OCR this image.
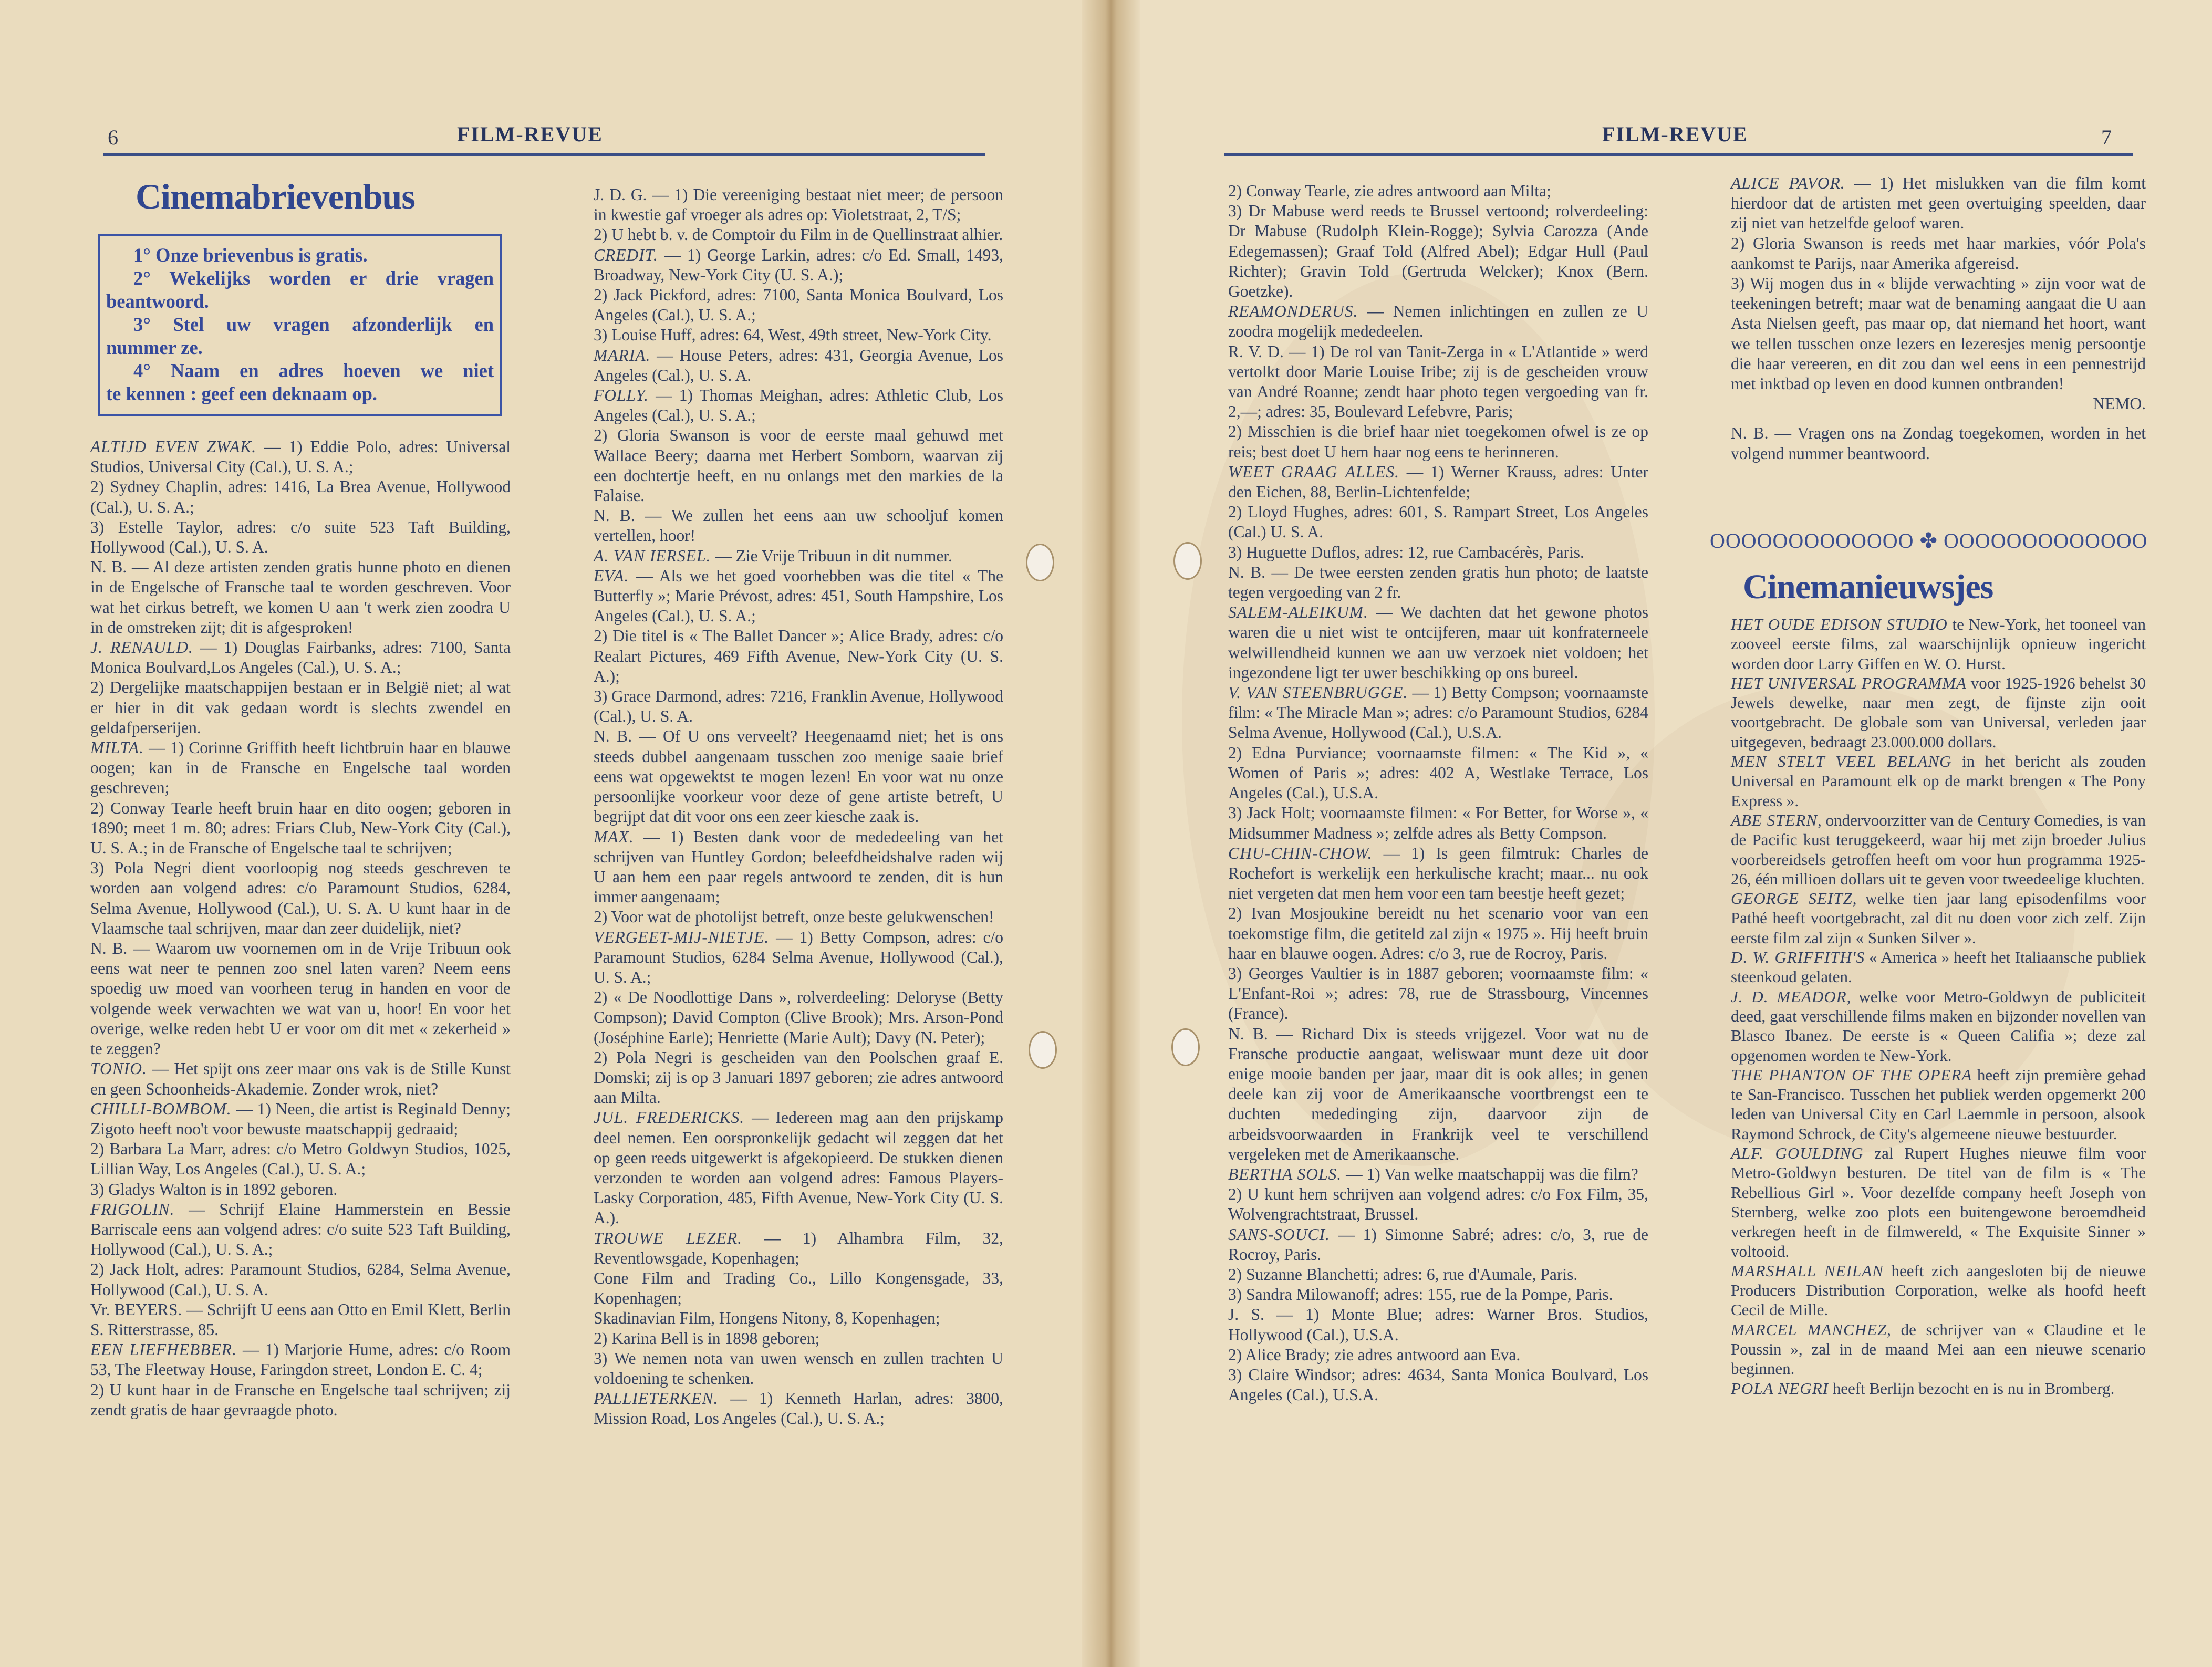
6	FILM-REVUE	FILM-REVUE	7
Cinemabrievenbus
1° Onze brievenbus is gratis.
2° Wekelijks worden er drie vragen
beantwoord.
3° Stel uw vragen afzonderlijk en
nummer ze.
4° Naam en adres hoeven we niet
te kennen : geef een deknaam op.

ALTIJD EVEN ZWAK. — 1) Eddie Polo, adres: Universal Studios, Universal City (Cal.), U. S. A.;

2) Sydney Chaplin, adres: 1416, La Brea Avenue, Hollywood (Cal.), U. S. A.;

3) Estelle Taylor, adres: c/o suite 523 Taft Building, Hollywood (Cal.), U. S. A.

N. B. — Al deze artisten zenden gratis hunne photo en dienen in de Engelsche of Fransche taal te worden geschreven. Voor wat het cirkus betreft, we komen U aan 't werk zien zoodra U in de omstreken zijt; dit is afgesproken!

J. RENAULD. — 1) Douglas Fairbanks, adres: 7100, Santa Monica Boulvard,Los Angeles (Cal.), U. S. A.;

2) Dergelijke maatschappijen bestaan er in België niet; al wat er hier in dit vak gedaan wordt is slechts zwendel en geldafperserijen.

MILTA. — 1) Corinne Griffith heeft lichtbruin haar en blauwe oogen; kan in de Fransche en Engelsche taal worden geschreven;

2) Conway Tearle heeft bruin haar en dito oogen; geboren in 1890; meet 1 m. 80; adres: Friars Club, New-York City (Cal.), U. S. A.; in de Fransche of Engelsche taal te schrijven;

3) Pola Negri dient voorloopig nog steeds geschreven te worden aan volgend adres: c/o Paramount Studios, 6284, Selma Avenue, Hollywood (Cal.), U. S. A. U kunt haar in de Vlaamsche taal schrijven, maar dan zeer duidelijk, niet?

N. B. — Waarom uw voornemen om in de Vrije Tribuun ook eens wat neer te pennen zoo snel laten varen? Neem eens spoedig uw moed van voorheen terug in handen en voor de volgende week verwachten we wat van u, hoor! En voor het overige, welke reden hebt U er voor om dit met « zekerheid » te zeggen?

TONIO. — Het spijt ons zeer maar ons vak is de Stille Kunst en geen Schoonheids-Akademie. Zonder wrok, niet?

CHILLI-BOMBOM. — 1) Neen, die artist is Reginald Denny; Zigoto heeft noo't voor bewuste maatschappij gedraaid;

2) Barbara La Marr, adres: c/o Metro Goldwyn Studios, 1025, Lillian Way, Los Angeles (Cal.), U. S. A.;

3) Gladys Walton is in 1892 geboren.

FRIGOLIN. — Schrijf Elaine Hammerstein en Bessie Barriscale eens aan volgend adres: c/o suite 523 Taft Building, Hollywood (Cal.), U. S. A.;

2) Jack Holt, adres: Paramount Studios, 6284, Selma Avenue, Hollywood (Cal.), U. S. A.

Vr. BEYERS. — Schrijft U eens aan Otto en Emil Klett, Berlin S. Ritterstrasse, 85.

EEN LIEFHEBBER. — 1) Marjorie Hume, adres: c/o Room 53, The Fleetway House, Faringdon street, London E. C. 4;

2) U kunt haar in de Fransche en Engelsche taal schrijven; zij zendt gratis de haar gevraagde photo.

J. D. G. — 1) Die vereeniging bestaat niet meer; de persoon in kwestie gaf vroeger als adres op: Violetstraat, 2, T/S;

2) U hebt b. v. de Comptoir du Film in de Quellinstraat alhier.

CREDIT. — 1) George Larkin, adres: c/o Ed. Small, 1493, Broadway, New-York City (U. S. A.);

2) Jack Pickford, adres: 7100, Santa Monica Boulvard, Los Angeles (Cal.), U. S. A.;

3) Louise Huff, adres: 64, West, 49th street, New-York City.

MARIA. — House Peters, adres: 431, Georgia Avenue, Los Angeles (Cal.), U. S. A.

FOLLY. — 1) Thomas Meighan, adres: Athletic Club, Los Angeles (Cal.), U. S. A.;

2) Gloria Swanson is voor de eerste maal gehuwd met Wallace Beery; daarna met Herbert Somborn, waarvan zij een dochtertje heeft, en nu onlangs met den markies de la Falaise.

N. B. — We zullen het eens aan uw schooljuf komen vertellen, hoor!

A. VAN IERSEL. — Zie Vrije Tribuun in dit nummer.

EVA. — Als we het goed voorhebben was die titel « The Butterfly »; Marie Prévost, adres: 451, South Hampshire, Los Angeles (Cal.), U. S. A.;

2) Die titel is « The Ballet Dancer »; Alice Brady, adres: c/o Realart Pictures, 469 Fifth Avenue, New-York City (U. S. A.);

3) Grace Darmond, adres: 7216, Franklin Avenue, Hollywood (Cal.), U. S. A.

N. B. — Of U ons verveelt? Heegenaamd niet; het is ons steeds dubbel aangenaam tusschen zoo menige saaie brief eens wat opgewektst te mogen lezen! En voor wat nu onze persoonlijke voorkeur voor deze of gene artiste betreft, U begrijpt dat dit voor ons een zeer kiesche zaak is.

MAX. — 1) Besten dank voor de mededeeling van het schrijven van Huntley Gordon; beleefdheidshalve raden wij U aan hem een paar regels antwoord te zenden, dit is hun immer aangenaam;

2) Voor wat de photolijst betreft, onze beste gelukwenschen!

VERGEET-MIJ-NIETJE. — 1) Betty Compson, adres: c/o Paramount Studios, 6284 Selma Avenue, Hollywood (Cal.), U. S. A.;

2) « De Noodlottige Dans », rolverdeeling: Deloryse (Betty Compson); David Compton (Clive Brook); Mrs. Arson-Pond (Joséphine Earle); Henriette (Marie Ault); Davy (N. Peter);

2) Pola Negri is gescheiden van den Poolschen graaf E. Domski; zij is op 3 Januari 1897 geboren; zie adres antwoord aan Milta.

JUL. FREDERICKS. — Iedereen mag aan den prijskamp deel nemen. Een oorspronkelijk gedacht wil zeggen dat het op geen reeds uitgewerkt is afgekopieerd. De stukken dienen verzonden te worden aan volgend adres: Famous Players-Lasky Corporation, 485, Fifth Avenue, New-York City (U. S. A.).

TROUWE LEZER. — 1) Alhambra Film, 32, Reventlowsgade, Kopenhagen;

Cone Film and Trading Co., Lillo Kongensgade, 33, Kopenhagen;

Skadinavian Film, Hongens Nitony, 8, Kopenhagen;

2) Karina Bell is in 1898 geboren;

3) We nemen nota van uwen wensch en zullen trachten U voldoening te schenken.

PALLIETERKEN. — 1) Kenneth Harlan, adres: 3800, Mission Road, Los Angeles (Cal.), U. S. A.;

2) Conway Tearle, zie adres antwoord aan Milta;

3) Dr Mabuse werd reeds te Brussel vertoond; rolverdeeling: Dr Mabuse (Rudolph Klein-Rogge); Sylvia Carozza (Ande Edegemassen); Graaf Told (Alfred Abel); Edgar Hull (Paul Richter); Gravin Told (Gertruda Welcker); Knox (Bern. Goetzke).

REAMONDERUS. — Nemen inlichtingen en zullen ze U zoodra mogelijk mededeelen.

R. V. D. — 1) De rol van Tanit-Zerga in « L'Atlantide » werd vertolkt door Marie Louise Iribe; zij is de gescheiden vrouw van André Roanne; zendt haar photo tegen vergoeding van fr. 2,—; adres: 35, Boulevard Lefebvre, Paris;

2) Misschien is die brief haar niet toegekomen ofwel is ze op reis; best doet U hem haar nog eens te herinneren.

WEET GRAAG ALLES. — 1) Werner Krauss, adres: Unter den Eichen, 88, Berlin-Lichtenfelde;

2) Lloyd Hughes, adres: 601, S. Rampart Street, Los Angeles (Cal.) U. S. A.

3) Huguette Duflos, adres: 12, rue Cambacérès, Paris.

N. B. — De twee eersten zenden gratis hun photo; de laatste tegen vergoeding van 2 fr.

SALEM-ALEIKUM. — We dachten dat het gewone photos waren die u niet wist te ontcijferen, maar uit konfraterneele welwillendheid kunnen we aan uw verzoek niet voldoen; het ingezondene ligt ter uwer beschikking op ons bureel.

V. VAN STEENBRUGGE. — 1) Betty Compson; voornaamste film: « The Miracle Man »; adres: c/o Paramount Studios, 6284 Selma Avenue, Hollywood (Cal.), U.S.A.

2) Edna Purviance; voornaamste filmen: « The Kid », « Women of Paris »; adres: 402 A, Westlake Terrace, Los Angeles (Cal.), U.S.A.

3) Jack Holt; voornaamste filmen: « For Better, for Worse », « Midsummer Madness »; zelfde adres als Betty Compson.

CHU-CHIN-CHOW. — 1) Is geen filmtruk: Charles de Rochefort is werkelijk een herkulische kracht; maar... nu ook niet vergeten dat men hem voor een tam beestje heeft gezet;

2) Ivan Mosjoukine bereidt nu het scenario voor van een toekomstige film, die getiteld zal zijn « 1975 ». Hij heeft bruin haar en blauwe oogen. Adres: c/o 3, rue de Rocroy, Paris.

3) Georges Vaultier is in 1887 geboren; voornaamste film: « L'Enfant-Roi »; adres: 78, rue de Strassbourg, Vincennes (France).

N. B. — Richard Dix is steeds vrijgezel. Voor wat nu de Fransche productie aangaat, weliswaar munt deze uit door enige mooie banden per jaar, maar dit is ook alles; in genen deele kan zij voor de Amerikaansche voortbrengst een te duchten mededinging zijn, daarvoor zijn de arbeidsvoorwaarden in Frankrijk veel te verschillend vergeleken met de Amerikaansche.

BERTHA SOLS. — 1) Van welke maatschappij was die film?

2) U kunt hem schrijven aan volgend adres: c/o Fox Film, 35, Wolvengrachtstraat, Brussel.

SANS-SOUCI. — 1) Simonne Sabré; adres: c/o, 3, rue de Rocroy, Paris.

2) Suzanne Blanchetti; adres: 6, rue d'Aumale, Paris.

3) Sandra Milowanoff; adres: 155, rue de la Pompe, Paris.

J. S. — 1) Monte Blue; adres: Warner Bros. Studios, Hollywood (Cal.), U.S.A.

2) Alice Brady; zie adres antwoord aan Eva.

3) Claire Windsor; adres: 4634, Santa Monica Boulvard, Los Angeles (Cal.), U.S.A.

ALICE PAVOR. — 1) Het mislukken van die film komt hierdoor dat de artisten met geen overtuiging speelden, daar zij niet van hetzelfde geloof waren.

2) Gloria Swanson is reeds met haar markies, vóór Pola's aankomst te Parijs, naar Amerika afgereisd.

3) Wij mogen dus in « blijde verwachting » zijn voor wat de teekeningen betreft; maar wat de benaming aangaat die U aan Asta Nielsen geeft, pas maar op, dat niemand het hoort, want we tellen tusschen onze lezers en lezeresjes menig persoontje die haar vereeren, en dit zou dan wel eens in een pennestrijd met inktbad op leven en dood kunnen ontbranden!

NEMO.

N. B. — Vragen ons na Zondag toegekomen, worden in het volgend nummer beantwoord.

OOOOOOOOOOOOO ✤ OOOOOOOOOOOOO
Cinemanieuwsjes

HET OUDE EDISON STUDIO te New-York, het tooneel van zooveel eerste films, zal waarschijnlijk opnieuw ingericht worden door Larry Giffen en W. O. Hurst.

HET UNIVERSAL PROGRAMMA voor 1925-1926 behelst 30 Jewels dewelke, naar men zegt, de fijnste zijn ooit voortgebracht. De globale som van Universal, verleden jaar uitgegeven, bedraagt 23.000.000 dollars.

MEN STELT VEEL BELANG in het bericht als zouden Universal en Paramount elk op de markt brengen « The Pony Express ».

ABE STERN, ondervoorzitter van de Century Comedies, is van de Pacific kust teruggekeerd, waar hij met zijn broeder Julius voorbereidsels getroffen heeft om voor hun programma 1925-26, één millioen dollars uit te geven voor tweedeelige kluchten.

GEORGE SEITZ, welke tien jaar lang episodenfilms voor Pathé heeft voortgebracht, zal dit nu doen voor zich zelf. Zijn eerste film zal zijn « Sunken Silver ».

D. W. GRIFFITH'S « America » heeft het Italiaansche publiek steenkoud gelaten.

J. D. MEADOR, welke voor Metro-Goldwyn de publiciteit deed, gaat verschillende films maken en bijzonder novellen van Blasco Ibanez. De eerste is « Queen Califia »; deze zal opgenomen worden te New-York.

THE PHANTON OF THE OPERA heeft zijn première gehad te San-Francisco. Tusschen het publiek werden opgemerkt 200 leden van Universal City en Carl Laemmle in persoon, alsook Raymond Schrock, de City's algemeene nieuwe bestuurder.

ALF. GOULDING zal Rupert Hughes nieuwe film voor Metro-Goldwyn besturen. De titel van de film is « The Rebellious Girl ». Voor dezelfde company heeft Joseph von Sternberg, welke zoo plots een buitengewone beroemdheid verkregen heeft in de filmwereld, « The Exquisite Sinner » voltooid.

MARSHALL NEILAN heeft zich aangesloten bij de nieuwe Producers Distribution Corporation, welke als hoofd heeft Cecil de Mille.

MARCEL MANCHEZ, de schrijver van « Claudine et le Poussin », zal in de maand Mei aan een nieuwe scenario beginnen.

POLA NEGRI heeft Berlijn bezocht en is nu in Bromberg.
